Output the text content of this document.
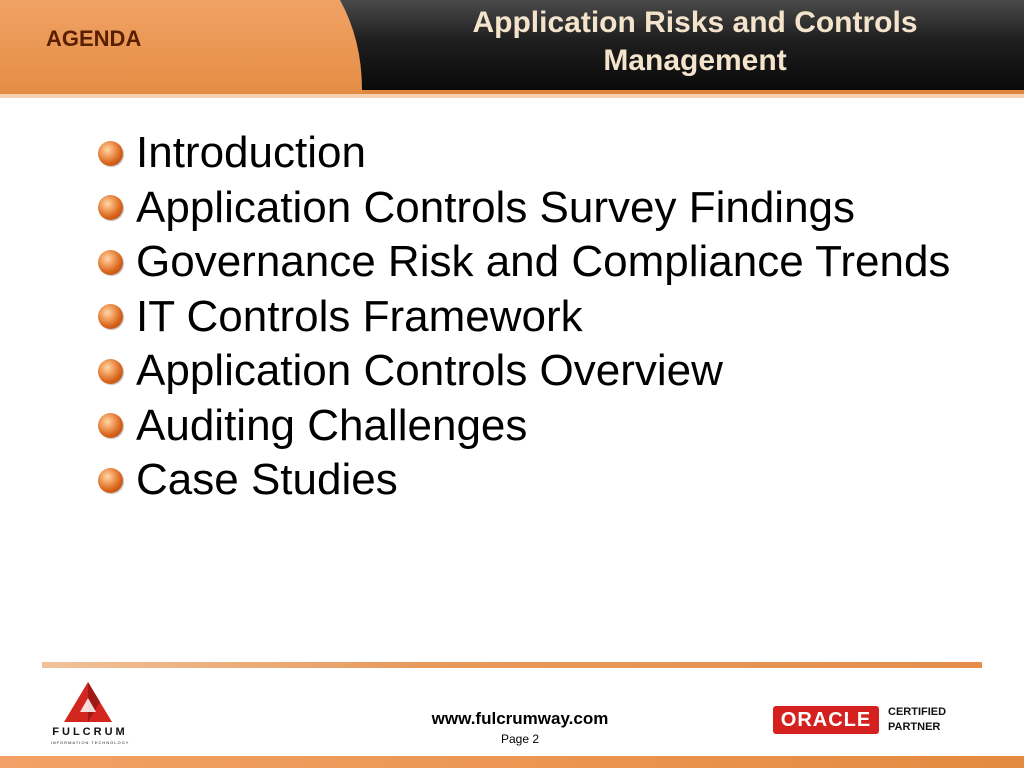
AGENDA	Application Risks and Controls
Management
Introduction
Application Controls Survey Findings
Governance Risk and Compliance Trends
IT Controls Framework
Application Controls Overview
Auditing Challenges
Case Studies
FULCRUM
INFORMATION TECHNOLOGY
www.fulcrumway.com
Page 2
ORACLE	CERTIFIED
PARTNER
